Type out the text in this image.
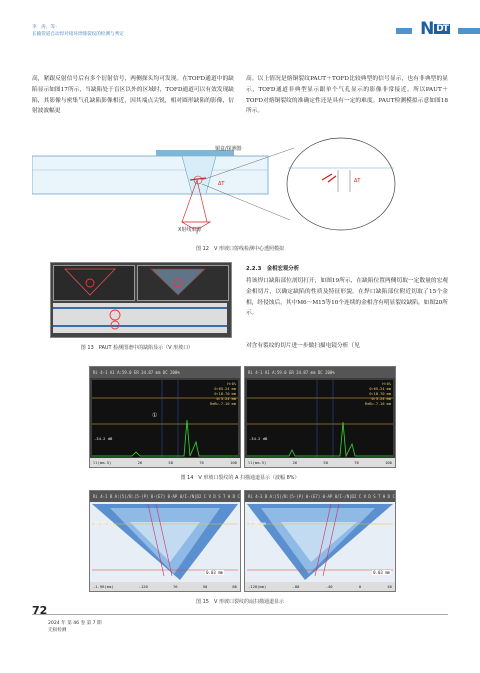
李　涛，等：
长输管道自动焊对接环焊缝裂纹的检测与判定	NDT
高，紧跟反射信号后有多个衍射信号，两侧探头均可发现。在TOFD通道中的缺陷显示如图17所示，当缺陷处于盲区以外的区域时，TOFD通道可以有效发现缺陷，其影像与密集气孔缺陷影像相近，因其端点尖锐，相对圆形缺陷的影像，衍射波波幅更
高。以上情况是熔铜裂纹PAUT＋TOFD比较典型的信号显示，也有非典型的显示，TOFD通道非典型显示跟单个气孔显示的影像非常接近。所以PAUT＋TOFD对熔铜裂纹的准确定性还是具有一定的难度。PAUT检测模拟示意如图18所示。
铜盒/探测器
X射线束源
ΔT	ΔT
图 12　V 形坡口射线检测中心透照模拟
图 13　PAUT 检测图谱中的缺陷显示（V 形坡口）
2.2.3　金相宏观分析
将该焊口缺陷部位剖切打开，如图19所示，在缺陷位置两侧切取一定数量的宏观金相切片，以确定缺陷的性质及特征形貌。在焊口缺陷部位附近切取了15个金相，经侵蚀后，其中M6～M15等10个连续的金相含有明显裂纹缺陷，如图20所示。
对含有裂纹的切片进一步做扫描电镜分析（见
Ri 4-1 A1 A:59.0 ER 34.87 mm DC 200%
H:0%
0:65.24 mm
0:18.70 mm
0:3.24 mm
ReB=-7.16 mm
-34.2 dB
①
ll(mm-5)	26	50	76	100
Ri 4-1 A1 A:59.0 ER 34.87 mm DC 200%
H:0%
0:65.24 mm
0:18.70 mm
0:3.24 mm
ReB=-7.16 mm
-34.2 dB
ll(mm-5)	26	50	76	100
图 14　V 形坡口裂纹的 A 扫描通道显示（波幅 8%）
Ri 4-1 B A:(5)/B:(5-(P) 0-(E7) 0-AP 0/I-/N|D2 C V D S T H D C
14.03 mm
0.03 mm
-1.96(mm)	-120	76	50	86
Ri 4-3 B A:(5)/B:(5-(P) 0-(E7) 0-AP 0/I-/N|D2 C V D S T H D C
5.20 mm
0.03 mm
-120(mm)	-80	-40	0	40
图 15　V 形坡口裂纹的扇扫描通道显示
72
2024 年 第 46 卷 第 7 期
无损检测
